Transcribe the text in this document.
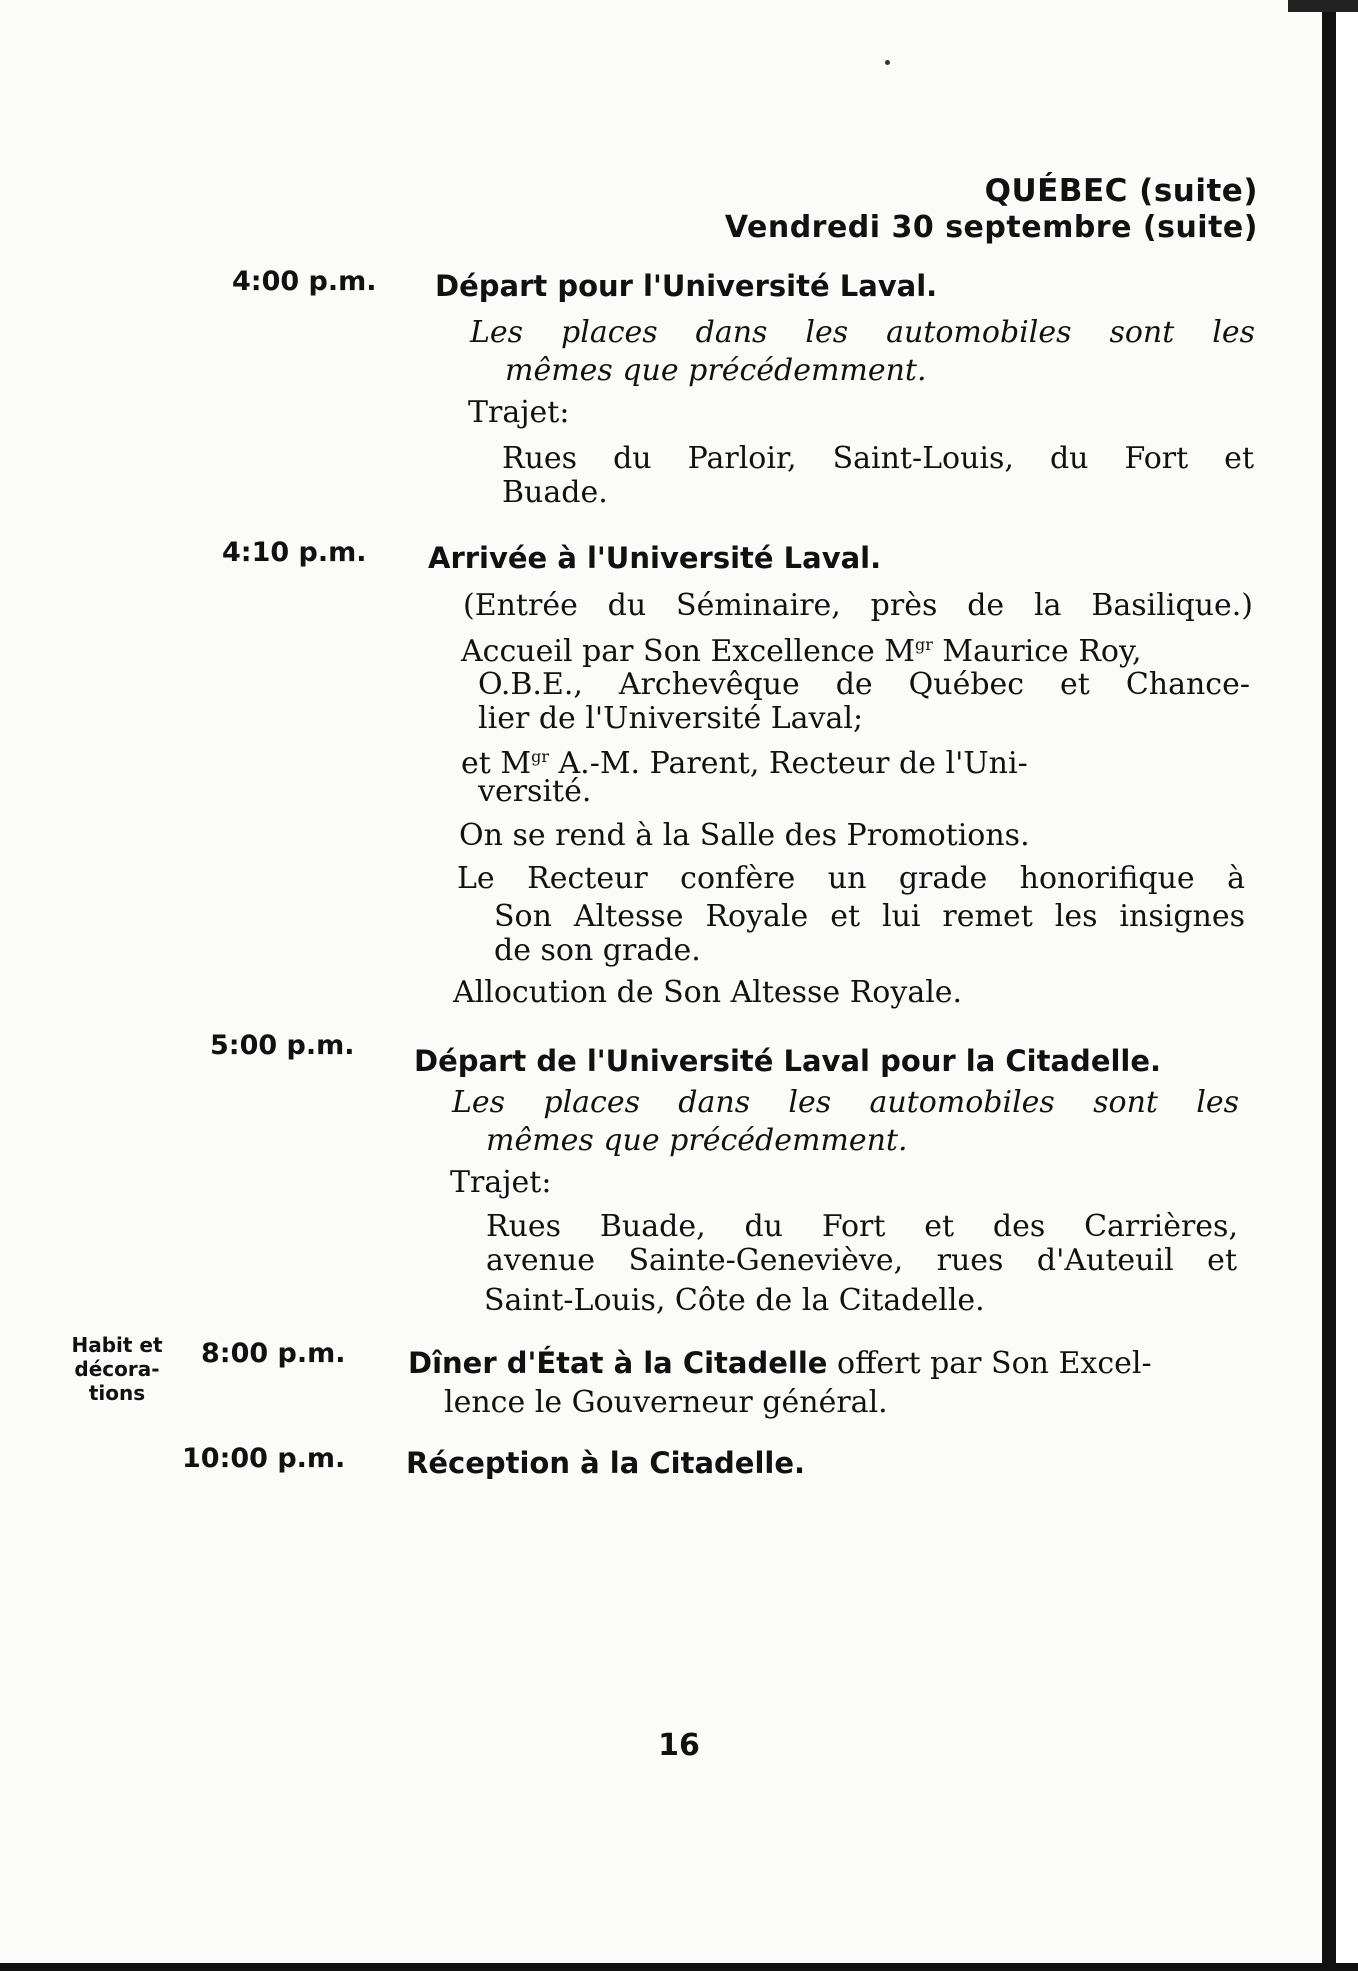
QUÉBEC (suite)
Vendredi 30 septembre (suite)
4:00 p.m. Départ pour l'Université Laval.
Les places dans les automobiles sont les
mêmes que précédemment.
Trajet:
Rues du Parloir, Saint-Louis, du Fort et
Buade.
4:10 p.m. Arrivée à l'Université Laval.
(Entrée du Séminaire, près de la Basilique.)
Accueil par Son Excellence $M^{gr}$ Maurice Roy,
O.B.E., Archevêque de Québec et Chance-
lier de l'Université Laval;
et $M^{gr}$ A.-M. Parent, Recteur de l'Uni-
versité.
On se rend à la Salle des Promotions.
Le Recteur confère un grade honorifique à
Son Altesse Royale et lui remet les insignes
de son grade.
Allocution de Son Altesse Royale.
5:00 p.m. Départ de l'Université Laval pour la Citadelle.
Les places dans les automobiles sont les
mêmes que précédemment.
Trajet:
Rues Buade, du Fort et des Carrières,
avenue Sainte-Geneviève, rues d'Auteuil et
Saint-Louis, Côte de la Citadelle.
Habit et
décora-
tions
8:00 p.m. Dîner d'État à la Citadelle offert par Son Excel-
lence le Gouverneur général.
10:00 p.m. Réception à la Citadelle.
16
